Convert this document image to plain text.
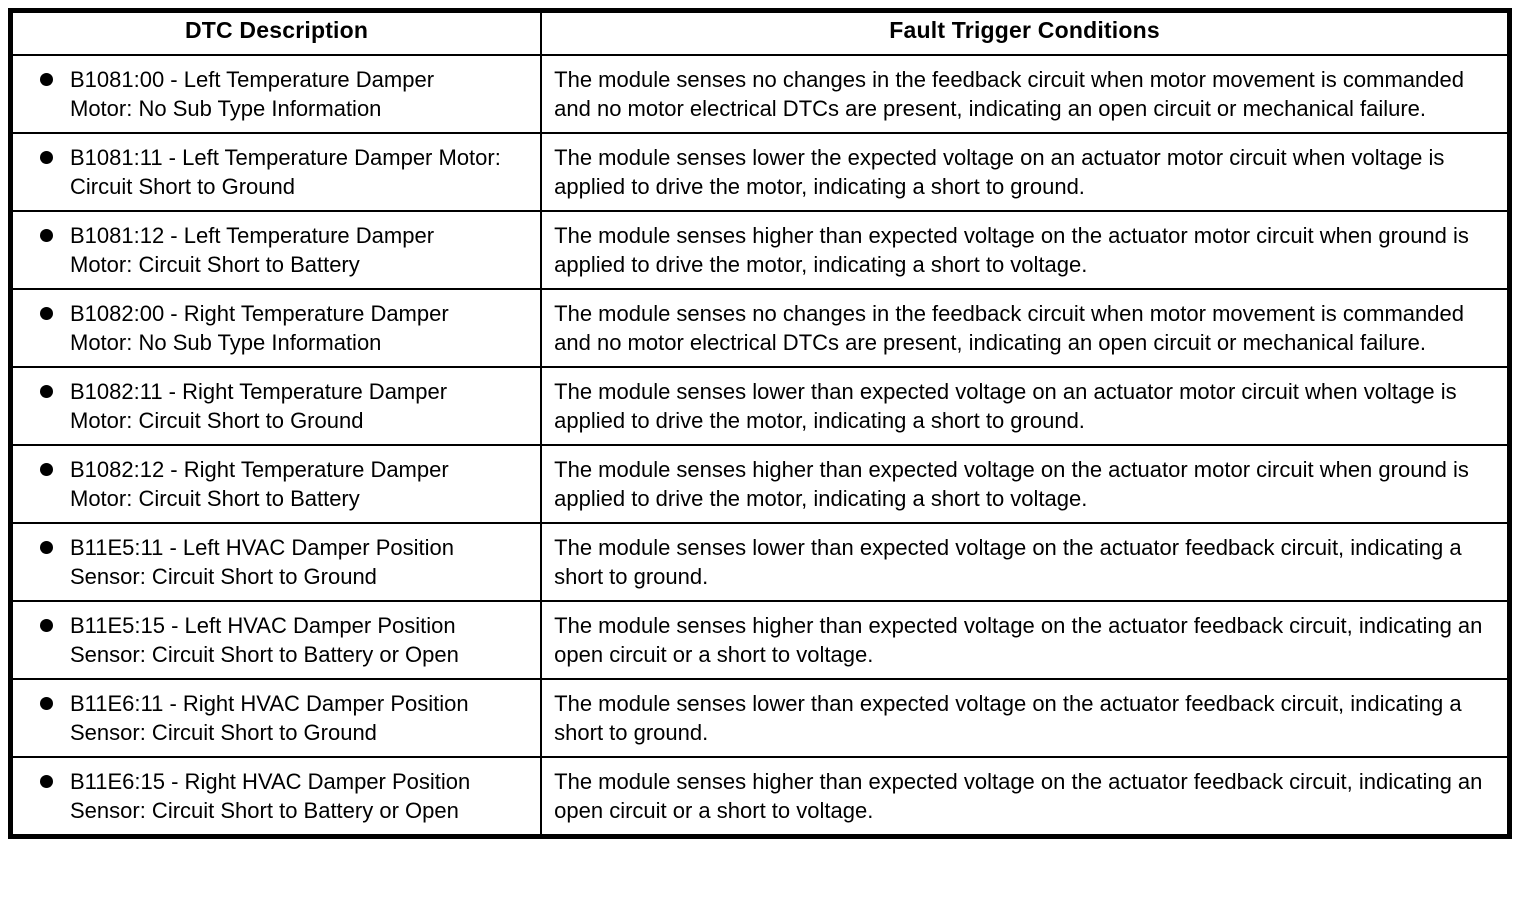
DTC Description	Fault Trigger Conditions

B1081:00 - Left Temperature Damper Motor: No Sub Type Information	The module senses no changes in the feedback circuit when motor movement is commanded and no motor electrical DTCs are present, indicating an open circuit or mechanical failure.

B1081:11 - Left Temperature Damper Motor: Circuit Short to Ground	The module senses lower the expected voltage on an actuator motor circuit when voltage is applied to drive the motor, indicating a short to ground.

B1081:12 - Left Temperature Damper Motor: Circuit Short to Battery	The module senses higher than expected voltage on the actuator motor circuit when ground is applied to drive the motor, indicating a short to voltage.

B1082:00 - Right Temperature Damper Motor: No Sub Type Information	The module senses no changes in the feedback circuit when motor movement is commanded and no motor electrical DTCs are present, indicating an open circuit or mechanical failure.

B1082:11 - Right Temperature Damper Motor: Circuit Short to Ground	The module senses lower than expected voltage on an actuator motor circuit when voltage is applied to drive the motor, indicating a short to ground.

B1082:12 - Right Temperature Damper Motor: Circuit Short to Battery	The module senses higher than expected voltage on the actuator motor circuit when ground is applied to drive the motor, indicating a short to voltage.

B11E5:11 - Left HVAC Damper Position Sensor: Circuit Short to Ground	The module senses lower than expected voltage on the actuator feedback circuit, indicating a short to ground.

B11E5:15 - Left HVAC Damper Position Sensor: Circuit Short to Battery or Open	The module senses higher than expected voltage on the actuator feedback circuit, indicating an open circuit or a short to voltage.

B11E6:11 - Right HVAC Damper Position Sensor: Circuit Short to Ground	The module senses lower than expected voltage on the actuator feedback circuit, indicating a short to ground.

B11E6:15 - Right HVAC Damper Position Sensor: Circuit Short to Battery or Open	The module senses higher than expected voltage on the actuator feedback circuit, indicating an open circuit or a short to voltage.
